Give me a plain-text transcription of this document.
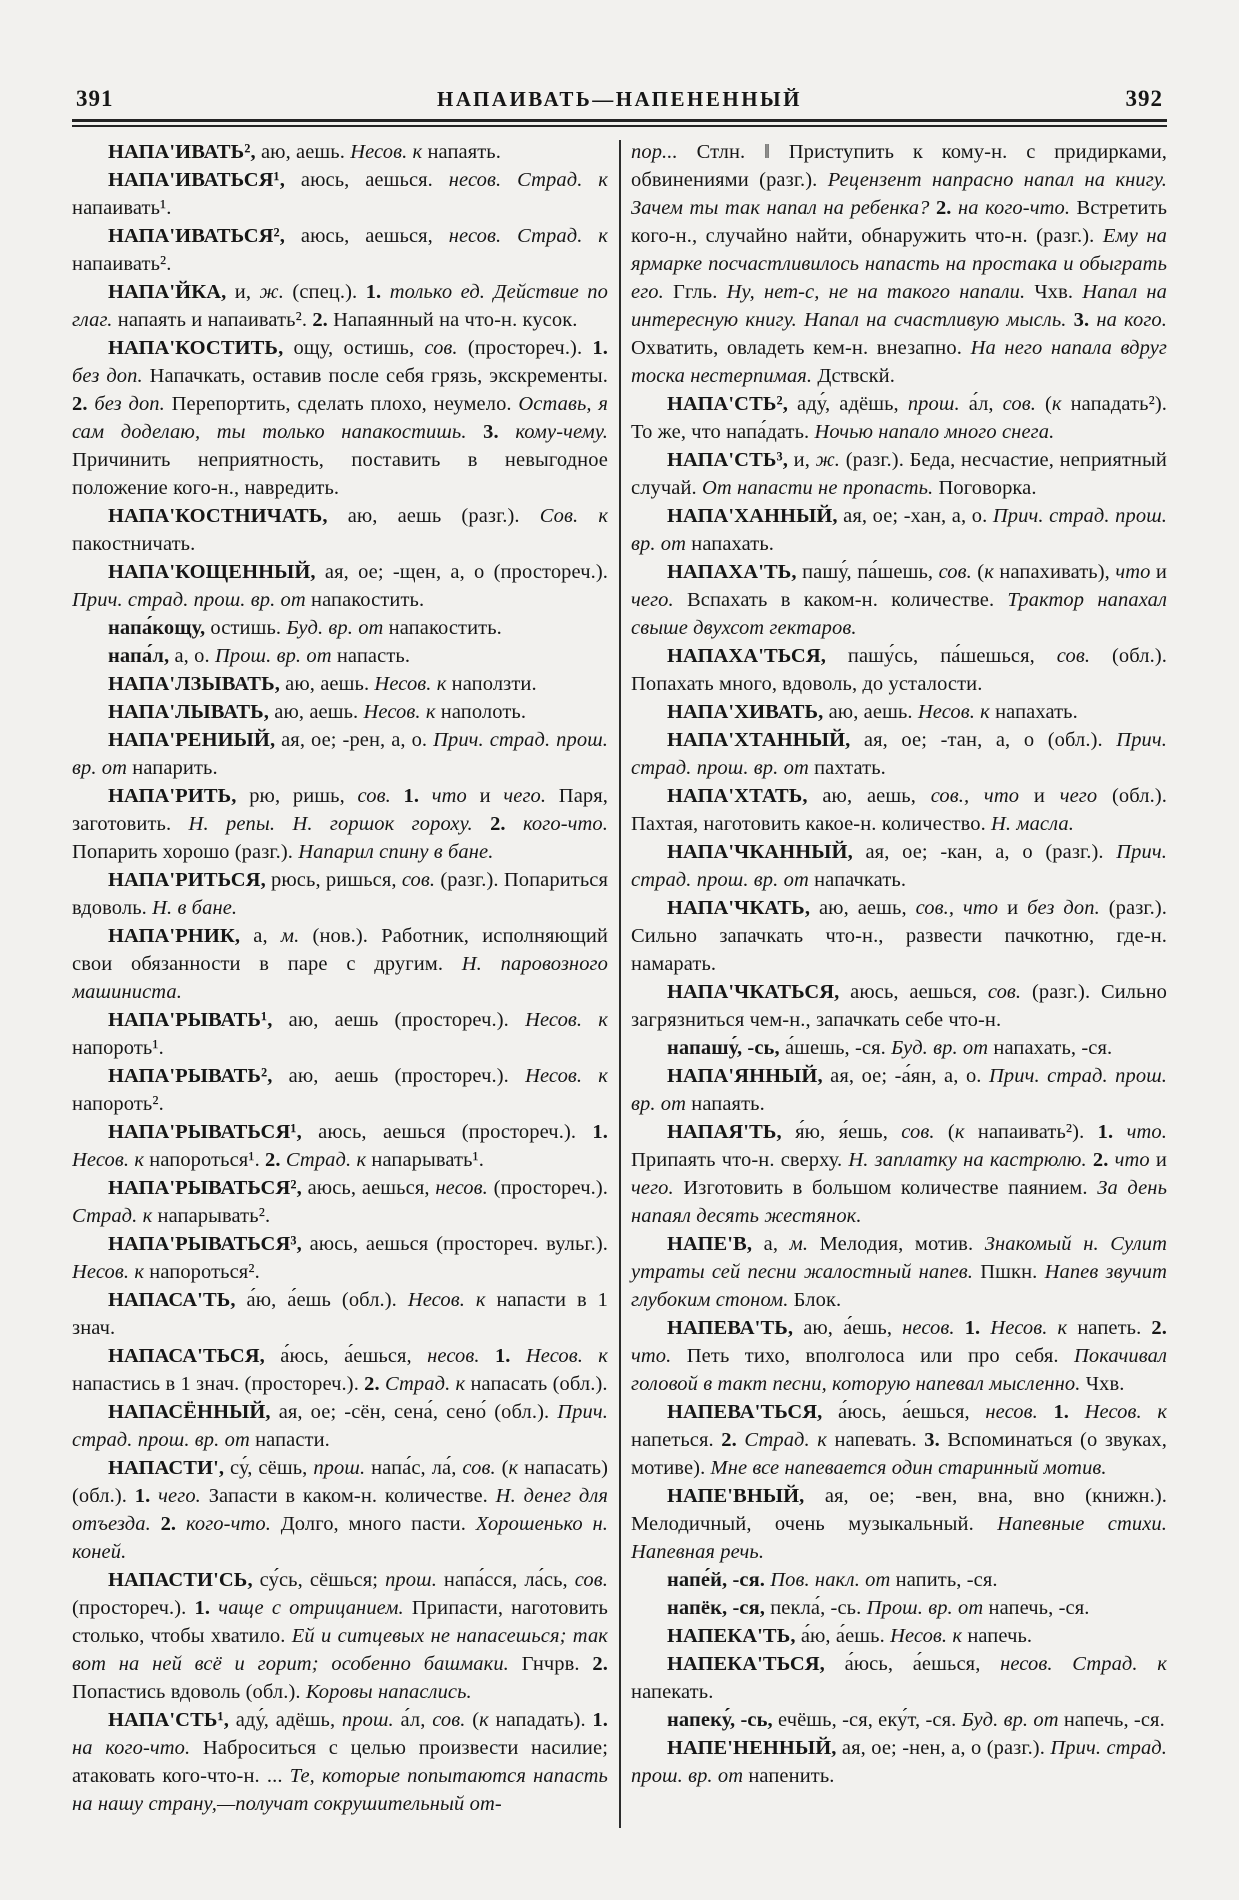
391	НАПАИВАТЬ—НАПЕНЕННЫЙ	392

НАПА'ИВАТЬ², аю, аешь. Несов. к напаять.

НАПА'ИВАТЬСЯ¹, аюсь, аешься. несов. Страд. к напаивать¹.

НАПА'ИВАТЬСЯ², аюсь, аешься, несов. Страд. к напаивать².

НАПА'ЙКА, и, ж. (спец.). 1. только ед. Действие по глаг. напаять и напаивать². 2. Напаянный на что-н. кусок.

НАПА'КОСТИТЬ, ощу, остишь, сов. (простореч.). 1. без доп. Напачкать, оставив после себя грязь, экскременты. 2. без доп. Перепортить, сделать плохо, неумело. Оставь, я сам доделаю, ты только напакостишь. 3. кому-чему. Причинить неприятность, поставить в невыгодное положение кого-н., навредить.

НАПА'КОСТНИЧАТЬ, аю, аешь (разг.). Сов. к пакостничать.

НАПА'КОЩЕННЫЙ, ая, ое; -щен, а, о (простореч.). Прич. страд. прош. вр. от напакостить.

напа́кощу, остишь. Буд. вр. от напакостить.

напа́л, а, о. Прош. вр. от напасть.

НАПА'ЛЗЫВАТЬ, аю, аешь. Несов. к наползти.

НАПА'ЛЫВАТЬ, аю, аешь. Несов. к наполоть.

НАПА'РЕНИЫЙ, ая, ое; -рен, а, о. Прич. страд. прош. вр. от напарить.

НАПА'РИТЬ, рю, ришь, сов. 1. что и чего. Паря, заготовить. Н. репы. Н. горшок гороху. 2. кого-что. Попарить хорошо (разг.). Напарил спину в бане.

НАПА'РИТЬСЯ, рюсь, ришься, сов. (разг.). Попариться вдоволь. Н. в бане.

НАПА'РНИК, а, м. (нов.). Работник, исполняющий свои обязанности в паре с другим. Н. паровозного машиниста.

НАПА'РЫВАТЬ¹, аю, аешь (простореч.). Несов. к напороть¹.

НАПА'РЫВАТЬ², аю, аешь (простореч.). Несов. к напороть².

НАПА'РЫВАТЬСЯ¹, аюсь, аешься (простореч.). 1. Несов. к напороться¹. 2. Страд. к напарывать¹.

НАПА'РЫВАТЬСЯ², аюсь, аешься, несов. (простореч.). Страд. к напарывать².

НАПА'РЫВАТЬСЯ³, аюсь, аешься (простореч. вульг.). Несов. к напороться².

НАПАСА'ТЬ, а́ю, а́ешь (обл.). Несов. к напасти в 1 знач.

НАПАСА'ТЬСЯ, а́юсь, а́ешься, несов. 1. Несов. к напастись в 1 знач. (простореч.). 2. Страд. к напасать (обл.).

НАПАСЁННЫЙ, ая, ое; -сён, сена́, сено́ (обл.). Прич. страд. прош. вр. от напасти.

НАПАСТИ', су́, сёшь, прош. напа́с, ла́, сов. (к напасать) (обл.). 1. чего. Запасти в каком-н. количестве. Н. денег для отъезда. 2. кого-что. Долго, много пасти. Хорошенько н. коней.

НАПАСТИ'СЬ, су́сь, сёшься; прош. напа́сся, ла́сь, сов. (простореч.). 1. чаще с отрицанием. Припасти, наготовить столько, чтобы хватило. Ей и ситцевых не напасешься; так вот на ней всё и горит; особенно башмаки. Гнчрв. 2. Попастись вдоволь (обл.). Коровы напаслись.

НАПА'СТЬ¹, аду́, адёшь, прош. а́л, сов. (к нападать). 1. на кого-что. Наброситься с целью произвести насилие; атаковать кого-что-н. ... Те, которые попытаются напасть на нашу страну,—получат сокрушительный от-

пор... Стлн. ‖ Приступить к кому-н. с придирками, обвинениями (разг.). Рецензент напрасно напал на книгу. Зачем ты так напал на ребенка? 2. на кого-что. Встретить кого-н., случайно найти, обнаружить что-н. (разг.). Ему на ярмарке посчастливилось напасть на простака и обыграть его. Ггль. Ну, нет-с, не на такого напали. Чхв. Напал на интересную книгу. Напал на счастливую мысль. 3. на кого. Охватить, овладеть кем-н. внезапно. На него напала вдруг тоска нестерпимая. Дствскй.

НАПА'СТЬ², аду́, адёшь, прош. а́л, сов. (к нападать²). То же, что напа́дать. Ночью напало много снега.

НАПА'СТЬ³, и, ж. (разг.). Беда, несчастие, неприятный случай. От напасти не пропасть. Поговорка.

НАПА'ХАННЫЙ, ая, ое; -хан, а, о. Прич. страд. прош. вр. от напахать.

НАПАХА'ТЬ, пашу́, па́шешь, сов. (к напахивать), что и чего. Вспахать в каком-н. количестве. Трактор напахал свыше двухсот гектаров.

НАПАХА'ТЬСЯ, пашу́сь, па́шешься, сов. (обл.). Попахать много, вдоволь, до усталости.

НАПА'ХИВАТЬ, аю, аешь. Несов. к напахать.

НАПА'ХТАННЫЙ, ая, ое; -тан, а, о (обл.). Прич. страд. прош. вр. от пахтать.

НАПА'ХТАТЬ, аю, аешь, сов., что и чего (обл.). Пахтая, наготовить какое-н. количество. Н. масла.

НАПА'ЧКАННЫЙ, ая, ое; -кан, а, о (разг.). Прич. страд. прош. вр. от напачкать.

НАПА'ЧКАТЬ, аю, аешь, сов., что и без доп. (разг.). Сильно запачкать что-н., развести пачкотню, где-н. намарать.

НАПА'ЧКАТЬСЯ, аюсь, аешься, сов. (разг.). Сильно загрязниться чем-н., запачкать себе что-н.

напашу́, -сь, а́шешь, -ся. Буд. вр. от напахать, -ся.

НАПА'ЯННЫЙ, ая, ое; -а́ян, а, о. Прич. страд. прош. вр. от напаять.

НАПАЯ'ТЬ, я́ю, я́ешь, сов. (к напаивать²). 1. что. Припаять что-н. сверху. Н. заплатку на кастрюлю. 2. что и чего. Изготовить в большом количестве паянием. За день напаял десять жестянок.

НАПЕ'В, а, м. Мелодия, мотив. Знакомый н. Сулит утраты сей песни жалостный напев. Пшкн. Напев звучит глубоким стоном. Блок.

НАПЕВА'ТЬ, аю, а́ешь, несов. 1. Несов. к напеть. 2. что. Петь тихо, вполголоса или про себя. Покачивал головой в такт песни, которую напевал мысленно. Чхв.

НАПЕВА'ТЬСЯ, а́юсь, а́ешься, несов. 1. Несов. к напеться. 2. Страд. к напевать. 3. Вспоминаться (о звуках, мотиве). Мне все напевается один старинный мотив.

НАПЕ'ВНЫЙ, ая, ое; -вен, вна, вно (книжн.). Мелодичный, очень музыкальный. Напевные стихи. Напевная речь.

напе́й, -ся. Пов. накл. от напить, -ся.

напёк, -ся, пекла́, -сь. Прош. вр. от напечь, -ся.

НАПЕКА'ТЬ, а́ю, а́ешь. Несов. к напечь.

НАПЕКА'ТЬСЯ, а́юсь, а́ешься, несов. Страд. к напекать.

напеку́, -сь, ечёшь, -ся, еку́т, -ся. Буд. вр. от напечь, -ся.

НАПЕ'НЕННЫЙ, ая, ое; -нен, а, о (разг.). Прич. страд. прош. вр. от напенить.
